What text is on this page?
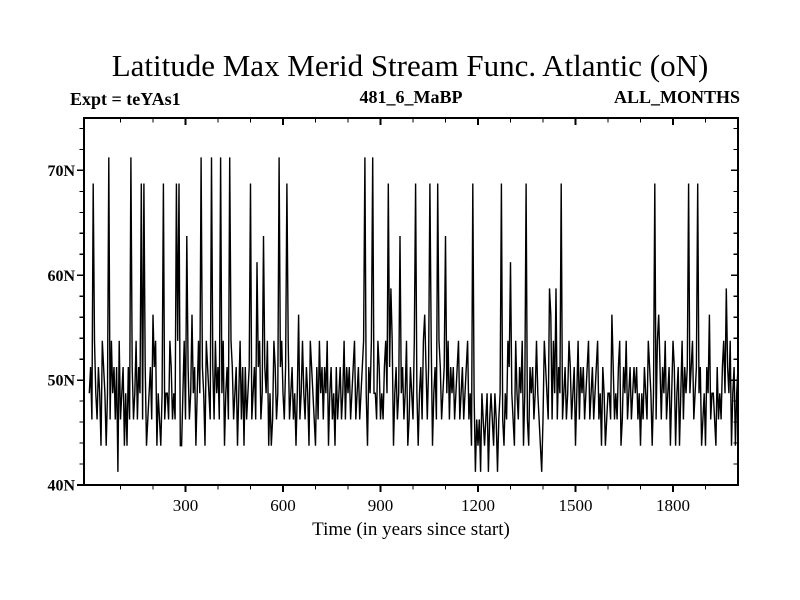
Latitude Max Merid Stream Func. Atlantic (oN)
Expt = teYAs1	481_6_MaBP	ALL_MONTHS
Time (in years since start)
300	600	900	1200	1500	1800
40N
50N
60N
70N
